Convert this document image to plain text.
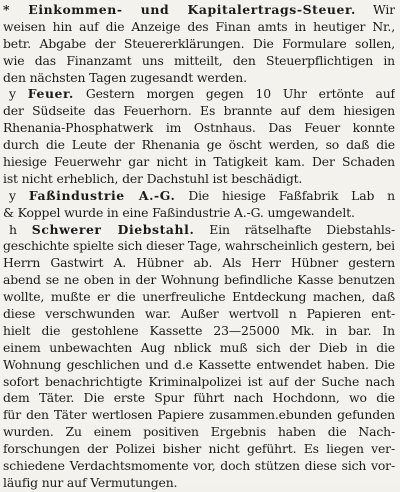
* Einkommen- und Kapitalertrags-Steuer. Wir
weisen hin auf die Anzeige des Finan amts in heutiger Nr.,
betr. Abgabe der Steuererklärungen. Die Formulare sollen,
wie das Finanzamt uns mitteilt, den Steuerpflichtigen in
den nächsten Tagen zugesandt werden.
y Feuer. Gestern morgen gegen 10 Uhr ertönte auf
der Südseite das Feuerhorn. Es brannte auf dem hiesigen
Rhenania-Phosphatwerk im Ostnhaus. Das Feuer konnte
durch die Leute der Rhenania ge öscht werden, so daß die
hiesige Feuerwehr gar nicht in Tatigkeit kam. Der Schaden
ist nicht erheblich, der Dachstuhl ist beschädigt.
y Faßindustrie A.-G. Die hiesige Faßfabrik Lab n
& Koppel wurde in eine Faßindustrie A.-G. umgewandelt.
h Schwerer Diebstahl. Ein rätselhafte Diebstahls-
geschichte spielte sich dieser Tage, wahrscheinlich gestern, bei
Herrn Gastwirt A. Hübner ab. Als Herr Hübner gestern
abend se ne oben in der Wohnung befindliche Kasse benutzen
wollte, mußte er die unerfreuliche Entdeckung machen, daß
diese verschwunden war. Außer wertvoll n Papieren ent-
hielt die gestohlene Kassette 23—25000 Mk. in bar. In
einem unbewachten Aug nblick muß sich der Dieb in die
Wohnung geschlichen und d.e Kassette entwendet haben. Die
sofort benachrichtigte Kriminalpolizei ist auf der Suche nach
dem Täter. Die erste Spur führt nach Hochdonn, wo die
für den Täter wertlosen Papiere zusammen.ebunden gefunden
wurden. Zu einem positiven Ergebnis haben die Nach-
forschungen der Polizei bisher nicht geführt. Es liegen ver-
schiedene Verdachtsmomente vor, doch stützen diese sich vor-
läufig nur auf Vermutungen.
